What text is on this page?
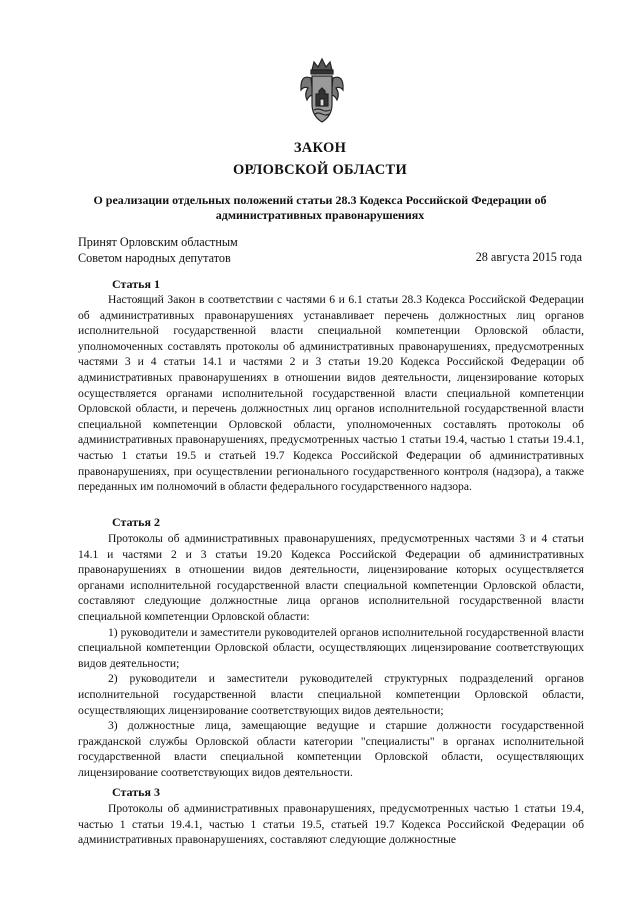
ЗАКОН
ОРЛОВСКОЙ ОБЛАСТИ
О реализации отдельных положений статьи 28.3 Кодекса Российской Федерации об административных правонарушениях
Принят Орловским областным
Советом народных депутатов	28 августа 2015 года
Статья 1

Настоящий Закон в соответствии с частями 6 и 6.1 статьи 28.3 Кодекса Российской Федерации об административных правонарушениях устанавливает перечень должностных лиц органов исполнительной государственной власти специальной компетенции Орловской области, уполномоченных составлять протоколы об административных правонарушениях, предусмотренных частями 3 и 4 статьи 14.1 и частями 2 и 3 статьи 19.20 Кодекса Российской Федерации об административных правонарушениях в отношении видов деятельности, лицензирование которых осуществляется органами исполнительной государственной власти специальной компетенции Орловской области, и перечень должностных лиц органов исполнительной государственной власти специальной компетенции Орловской области, уполномоченных составлять протоколы об административных правонарушениях, предусмотренных частью 1 статьи 19.4, частью 1 статьи 19.4.1, частью 1 статьи 19.5 и статьей 19.7 Кодекса Российской Федерации об административных правонарушениях, при осуществлении регионального государственного контроля (надзора), а также переданных им полномочий в области федерального государственного надзора.

Статья 2

Протоколы об административных правонарушениях, предусмотренных частями 3 и 4 статьи 14.1 и частями 2 и 3 статьи 19.20 Кодекса Российской Федерации об административных правонарушениях в отношении видов деятельности, лицензирование которых осуществляется органами исполнительной государственной власти специальной компетенции Орловской области, составляют следующие должностные лица органов исполнительной государственной власти специальной компетенции Орловской области:

1) руководители и заместители руководителей органов исполнительной государственной власти специальной компетенции Орловской области, осуществляющих лицензирование соответствующих видов деятельности;

2) руководители и заместители руководителей структурных подразделений органов исполнительной государственной власти специальной компетенции Орловской области, осуществляющих лицензирование соответствующих видов деятельности;

3) должностные лица, замещающие ведущие и старшие должности государственной гражданской службы Орловской области категории "специалисты" в органах исполнительной государственной власти специальной компетенции Орловской области, осуществляющих лицензирование соответствующих видов деятельности.

Статья 3

Протоколы об административных правонарушениях, предусмотренных частью 1 статьи 19.4, частью 1 статьи 19.4.1, частью 1 статьи 19.5, статьей 19.7 Кодекса Российской Федерации об административных правонарушениях, составляют следующие должностные
